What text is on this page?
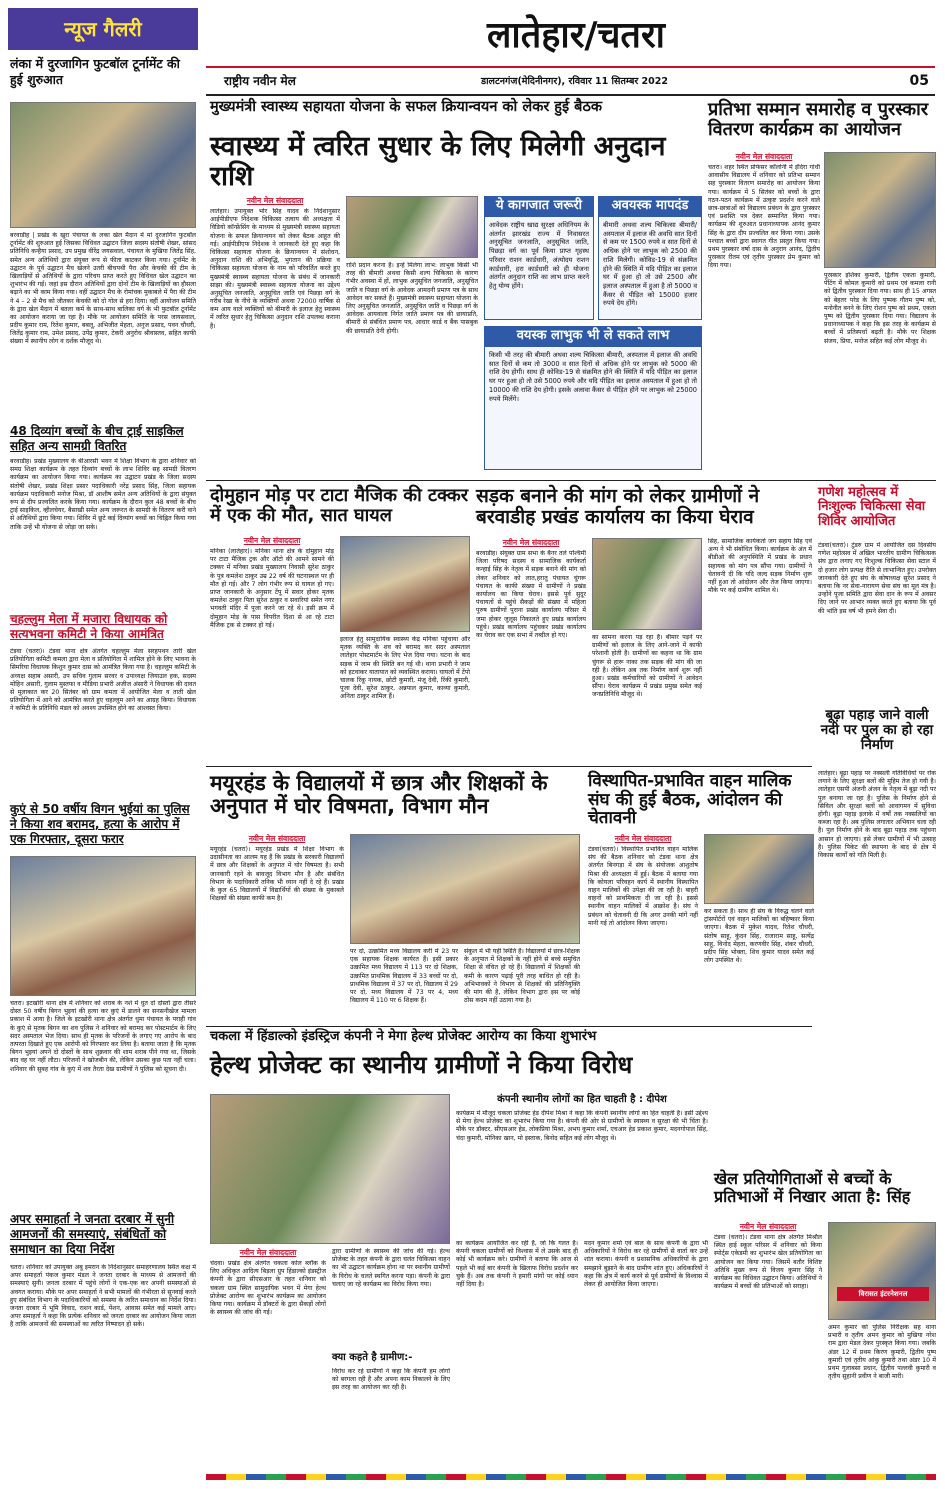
न्यूज गैलरी
लंका में दुरजागिन फुटबॉल टूर्नामेंट की हुई शुरुआत
बरवाडीह | प्रखंड के खुरा पंचायत के लका खेल मैदान में मां दुरजागिन फुटबॉल टूर्नामेंट की शुरुआत हुई जिसका विधिवत उद्घाटन जिला सदस्य संतोषी शेखर, सांसद प्रतिनिधि कन्हैया प्रसाद, उप प्रमुख वीरेंद्र जयसवाल, पंचायत के मुखिया जितेंद्र सिंह, समेत अन्य अतिथियों द्वारा संयुक्त रूप से फीता काटकर किया गया। टूर्नामेंट के उद्घाटन के पूर्व उद्घाटन मैच खेलने उतरी बीचपथी पैरा और केचकी की टीम के खिलाड़ियों से अतिथियों के द्वारा परिचय प्राप्त करते हुए विधिवत खेल उद्घाटन का शुभारंभ की गई। जहां इस दौरान अतिथियों द्वारा दोनों टीम के खिलाड़ियों का हौसला बढ़ाने का भी काम किया गया। वहीं उद्घाटन मैच के रोमांचक मुकाबले में पैरा की टीम ने 4 – 2 से मैच को जीतकर केचकी को दो गोल से हरा दिया। वहीं आयोजन समिति के द्वारा खेल मैदान में बतला कर्म के साथ-साथ बालिका वर्ग के भी फुटबॉल टूर्नामेंट का आयोजन कराया जा रहा है। मौके पर आयोजन समिति के परस जायसवाल, प्रदीप कुमार राम, रितेश कुमार, बबलू, अभिजीत मेहता, अनुज प्रसाद, पवन चौधरी, जितेंद्र कुमार राम, उमेश प्रसाद, उपेंद्र कुमार, टेकरी अनुरोध श्रीवास्तव, सहित काफी संख्या में स्थानीय लोग व दर्शक मौजूद थे।
48 दिव्यांग बच्चों के बीच ट्राई साइकिल सहित अन्य सामग्री वितरित
बरवाडीह। प्रखंड मुख्यालय के बीआरसी भवन में शिक्षा विभाग के द्वारा शनिवार को समग्र शिक्षा कार्यक्रम के तहत दिव्यांग बच्चों के लाभ शिविर सह सामग्री वितरण कार्यक्रम का आयोजन किया गया। कार्यक्रम का उद्घाटन प्रखंड के जिला सदस्य संतोषी शेखर, प्रखंड शिक्षा प्रसार पदाधिकारी नरेंद्र प्रसाद सिंह, जिला सहायक कार्यक्रम पदाधिकारी मनोज मिश्रा, डॉ आशीष समेत अन्य अतिथियों के द्वारा संयुक्त रूप से दीप प्रज्वलित करके किया गया। कार्यक्रम के दौरान कुल 48 बच्चों के बीच ट्राई साइकिल, व्हीलचेयर, बैसाखी समेत अन्य जरूरत के सामग्री के वितरण करी वाने से अतिथियों द्वारा किया गया। शिविर में छूटे कई दिव्यांग बच्चों का चिह्नित किया गया ताकि उन्हें भी योजना से जोड़ा जा सके।
चहल्लुम मेला में मजारा विधायक को सत्यभवना कमिटी ने किया आमंत्रित
टंडवा (चतरा)। टंडवा थाना क्षेत्र अंतर्गत चहल्लुम मेला सरहपथन तारी खेल प्रतियोगिता कमिटी कमला द्वारा मेला व प्रतियोगिता में शामिल होने के लिए भावना के सिमरिया विधायक किशुन कुमार दास को आमंत्रित किया गया है। चहल्लुम कमिटी के अध्यक्ष सहाब असारी, उप सचिव गुलाम सरवर व उपाध्यक्ष जियाउल हक, सदस्य मोहिन असारी, गुलाम मुस्तफा व मीडिया प्रभारी अजीज अंसारी ने विधायक की दावत से मुलाकात कर 20 सितंबर को ग्राम कमता में आयोजित मेला व ताती खेल प्रतियोगिता में आने को आमंत्रित करते हुए चहल्लुम आने का आग्रह किया। विधायक ने कमिटी के प्रतिनिधि मंडल को अवश्य उपस्थित होने का आश्वस्त किया।
कुएं से 50 वर्षीय विगन भुईयां का पुलिस ने किया शव बरामद, हत्या के आरोप में एक गिरफ्तार, दूसरा फरार
चतरा। इटखोरी थाना क्षेत्र में शनिवार को शराब के नशे में धुत दो दोस्तों द्वारा तीसरे दोस्त 50 वर्षीय बिगन भुइयां की हत्या कर कुएं में डालने का सनसनीखेज मामला प्रकाश में आया है। जिले के इटखोरी थाना क्षेत्र अंतर्गत धुमा पंचायत के पराही गांव के कुएं से मृतक बिगन का शव पुलिस ने शनिवार को बरामद कर पोस्टमार्टम के लिए सदर अस्पताल भेज दिया। साथ ही मृतक के परिजनों के लगाए गए आरोप के बाद तत्परता दिखाते हुए एक आरोपी को गिरफ्तार कर लिया है। बताया जाता है कि मृतक बिगन भुइयां अपने दो दोस्तों के साथ शुक्रवार की शाम शराब पीने गया था, जिसके बाद वह घर नहीं लौटा। परिजनों ने खोजबीन की, लेकिन उसका कुछ पता नहीं चला। शनिवार की सुबह गांव के कुएं में शव तैरता देख ग्रामीणों ने पुलिस को सूचना दी।
अपर समाहर्ता ने जनता दरबार में सुनी आमजनों की समस्याएं, संबंधितों को समाधान का दिया निर्देश
चतरा। शनिवार को उपायुक्त अबु इमरान के निर्देशानुसार समाहरणालय स्थित कक्ष में अपर समाहर्ता पंकज कुमार मंडल ने जनता दरबार के माध्यम से आमजनों की समस्याएं सुनी। जनता दरबार में पहुंचे लोगों ने एक-एक कर अपनी समस्याओं से अवगत कराया। मौके पर अपर समाहर्ता ने सभी मामलों की गंभीरता से सुनवाई करते हुए संबंधित विभाग के पदाधिकारियों को समस्या के त्वरित समाधान का निर्देश दिया। जनता दरबार में भूमि विवाद, राशन कार्ड, पेंशन, आवास समेत कई मामले आए। अपर समाहर्ता ने कहा कि प्रत्येक शनिवार को जनता दरबार का आयोजन किया जाता है ताकि आमजनों की समस्याओं का त्वरित निष्पादन हो सके।
लातेहार/चतरा
राष्ट्रीय नवीन मेल	डालटनगंज(मेदिनीनगर), रविवार 11 सितम्बर 2022	05
मुख्यमंत्री स्वास्थ्य सहायता योजना के सफल क्रियान्वयन को लेकर हुई बैठक
स्वास्थ्य में त्वरित सुधार के लिए मिलेगी अनुदान राशि
नवीन मेल संवाददाता
लातेहार। उपायुक्त भोर सिंह यादव के निर्देशानुसार आईपीडीएफ निदेशक चिकित्सा तत्वाय की अध्यक्षता में विडियो कॉन्फ्रेंसिंग के माध्यम से मुख्यमंत्री स्वास्थ्य सहायता योजना के सफल क्रियान्वयन को लेकर बैठक आहूत की गई। आईपीडीएफ निदेशक ने जानकारी देते हुए कहा कि चिकित्सा सहायता योजना के क्रियान्वयन में संशोधन, अनुदान राशि की अभिवृद्धि, भुगतान की प्रक्रिया व चिकित्सा सहायता योजना के नाम को परिवर्तित करते हुए मुख्यमंत्री स्वास्थ्य सहायता योजना के संबंध में जानकारी साझा की। मुख्यमंत्री स्वास्थ्य सहायता योजना का उद्देश्य अनुसूचित जनजाति, अनुसूचित जाति एवं पिछड़ा वर्ग के गरीब रेखा के नीचे के व्यक्तियों अथवा 72000 वार्षिक से कम आय वाले व्यक्तियों को बीमारी के इलाज हेतु स्वास्थ्य में त्वरित सुधार हेतु चिकित्सा अनुदान राशि उपलब्ध कराना है।
राशि प्रदान करना है। इन्हें मिलेगा लाभ: लाभुक किसी भी तरह की बीमारी अथवा किसी शल्य चिकित्सा के कारण गंभीर अवस्था में हों, लाभुक अनुसूचित जनजाति, अनुसूचित जाति व पिछड़ा वर्ग के आवेदक आमदनी प्रमाण पत्र के साथ आवेदन कर सकते हैं। मुख्यमंत्री स्वास्थ्य सहायता योजना के लिए अनुसूचित जनजाति, अनुसूचित जाति व पिछड़ा वर्ग के आवेदक आयवाला निर्गत जाति प्रमाण पत्र की छायाप्रति, बीमारी से संबंधित प्रमाण पत्र, आधार कार्ड व बैंक पासबुक की छायाप्रति देनी होगी।
ये कागजात जरूरी
आवेदक राष्ट्रीय खाद्य सुरक्षा अधिनियम के अंतर्गत झारखंड राज्य में निवासरत अनुसूचित जनजाति, अनुसूचित जाति, पिछड़ा वर्ग का पूर्व किया प्राप्त गृहस्थ परिवार राशन कार्डधारी, अंत्योदय राशन कार्डधारी, हरा कार्डधारी को ही योजना अंतर्गत अनुदान राशि का लाभ प्राप्त करने हेतु योग्य होंगे।
अवयस्क मापदंड
बीमारी अथवा शल्य चिकित्सा बीमारी/अस्पताल में इलाज की अवधि सात दिनों से कम पर 1500 रुपये व सात दिनों से अधिक होने पर लाभुक को 2500 की राशि मिलेगी। कोविड-19 से संक्रमित होने की स्थिति में यदि पीड़ित का इलाज घर में हुआ हो तो उसे 2500 और इलाज अस्पताल में हुआ है तो 5000 व कैंसर से पीड़ित को 15000 हजार रुपये देय होंगे।
वयस्क लाभुक भी ले सकते लाभ
किसी भी तरह की बीमारी अथवा शल्य चिकित्सा बीमारी, अस्पताल में इलाज की अवधि सात दिनों से कम तो 3000 व सात दिनों से अधिक होने पर लाभुक को 5000 की राशि देय होगी। साथ ही कोविड-19 से संक्रमित होने की स्थिति में यदि पीड़ित का इलाज घर पर हुआ हो तो उसे 5000 रुपये और यदि पीड़ित का इलाज अस्पताल में हुआ हो तो 10000 की राशि देय होगी। इसके अलावा कैंसर से पीड़ित होने पर लाभुक को 25000 रुपये मिलेंगे।
प्रतिभा सम्मान समारोह व पुरस्कार वितरण कार्यक्रम का आयोजन
नवीन मेल संवाददाता
चतरा। शहर स्थित प्रोफेसर कॉलोनी में इंदिरा गांधी आवासीय विद्यालय में शनिवार को प्रतिभा सम्मान सह पुरस्कार वितरण समारोह का आयोजन किया गया। कार्यक्रम में 5 सितंबर को बच्चों के द्वारा गठन-पठन कार्यक्रम में उत्कृष्ट प्रदर्शन करने वाले छात्र-छात्राओं को विद्यालय प्रबंधन के द्वारा पुरस्कार एवं प्रशस्ति पत्र देकर सम्मानित किया गया। कार्यक्रम की शुरुआत प्रधानाध्यापक आनंद कुमार सिंह के द्वारा दीप प्रज्वलित कर किया गया। उसके पश्चात बच्चों द्वारा स्वागत गीत प्रस्तुत किया गया। प्रथम पुरस्कार वर्षा दास के अनुराग आनंद, द्वितीय पुरस्कार रीतम एवं तृतीय पुरस्कार प्रेम कुमार को दिया गया।
पुरस्कार इशिका कुमारी, द्वितीय एकता कुमारी, पेंटिंग में कोमल कुमारी को प्रथम एवं कमला रानी को द्वितीय पुरस्कार दिया गया। साथ ही 15 अगस्त को बेहतर परेड के लिए पुष्पक गौतम पुष्प को, मनोनीत बनने के लिए रोशन पुष्प को प्रथम, एकता पुष्प को द्वितीय पुरस्कार दिया गया। विद्यालय के प्रधानाध्यापक ने कहा कि इस तरह के कार्यक्रम से बच्चों में प्रतिस्पर्धा बढ़ती है। मौके पर शिक्षक संजय, प्रिया, मनोज सहित कई लोग मौजूद थे।
दोमुहान मोड़ पर टाटा मैजिक की टक्कर में एक की मौत, सात घायल
नवीन मेल संवाददाता
मनिका (लातेहार)। मनिका थाना क्षेत्र के दोमुहान मोड़ पर टाटा मैजिक ट्रक और ऑटो की आमने सामने की टक्कर में मनिका प्रखंड मुख्यालय निवासी सुरेश ठाकुर के पुत्र कमलेश ठाकुर उम्र 22 वर्ष की घटनास्थल पर ही मौत हो गई। और 7 लोग गंभीर रूप से घायल हो गए। प्राप्त जानकारी के अनुसार टेंपू में सवार होकर मृतक कमलेश ठाकुर पिता सुरेश ठाकुर व सवारियां समेत नगर भगवती मंदिर में पूजा करने जा रहे थे। इसी क्रम में दोमुहान मोड़ के पास विपरीत दिशा से आ रहे टाटा मैजिक ट्रक से टक्कर हो गई।
इलाज हेतु सामुदायिक स्वास्थ्य केंद्र मनिका पहुंचाया और मृतक व्यक्ति के शव को बरामद कर सदर अस्पताल लातेहार पोस्टमार्टम के लिए भेज दिया गया। घटना के बाद सड़क में जाम की स्थिति बन गई थी। थाना प्रभारी ने जाम को हटवाकर यातायात को व्यवस्थित कराया। घायलों में टेंपो चालक रिंकू नायक, छोटी कुमारी, मंजू देवी, रिंकी कुमारी, पूजा देवी, सुरेश ठाकुर, अन्नपाल कुमार, काव्या कुमारी, अनिता ठाकुर शामिल हैं।
सड़क बनाने की मांग को लेकर ग्रामीणों ने बरवाडीह प्रखंड कार्यालय का किया घेराव
नवीन मेल संवाददाता
बरवाडीह। संयुक्त ग्राम सभा के बैनर तले पश्चिमी जिला परिषद सदस्य व सामाजिक कार्यकर्ता कन्हाई सिंह के नेतृत्व में सड़क बनाने की मांग को लेकर शनिवार को लात,हरातु पंचायत चुंगरू पंचायत के काफी संख्या में ग्रामीणों ने प्रखंड कार्यालय का किया घेराव। इससे पूर्व सुदूर पंचायतों से पहुंचे सैकड़ों की संख्या में महिला पुरुष ग्रामीणों पुराना प्रखंड कार्यालय परिसर में जमा होकर जुलूस निकालते हुए प्रखंड कार्यालय पहुंचे। प्रखंड कार्यालय पहुंचकर प्रखंड कार्यालय का घेराव कर एक सभा में तब्दील हो गए।	का सामना करना पड़ रहा है। बीमार पड़ने पर ग्रामीणों को इलाज के लिए आने-जाने में काफी परेशानी होती है। ग्रामीणों का कहना था कि ग्राम चुंगरू से हारू नाका तक सड़क की मांग की जा रही है। लेकिन अब तक निर्माण कार्य शुरू नहीं हुआ। प्रखंड कर्मचारियों को ग्रामीणों ने आवेदन सौंपा। घेराव कार्यक्रम में प्रखंड प्रमुख समेत कई जनप्रतिनिधि मौजूद थे।
सिंह, सामाजिक कार्यकर्ता जग सहाय सिंह एवं अन्य ने भी संबोधित किया। कार्यक्रम के अंत में बीडीओ की अनुपस्थिति में प्रखंड के प्रधान सहायक को मांग पत्र सौंपा गया। ग्रामीणों ने चेतावनी दी कि यदि जल्द सड़क निर्माण शुरू नहीं हुआ तो आंदोलन और तेज किया जाएगा। मौके पर कई ग्रामीण शामिल थे।
गणेश महोत्सव में निःशुल्क चिकित्सा सेवा शिविर आयोजित
टंडवा(चतरा)। टुंडरु ग्राम में आयोजित दस दिवसीय गणेश महोत्सव में अखिल भारतीय ग्रामीण चिकित्सक संघ द्वारा लगाए गए निःशुल्क चिकित्सा सेवा स्टाल में दो हजार लोग प्रत्यक्ष रीति से लाभान्वित हुए। उपरोक्त जानकारी देते हुए संघ के कोषाध्यक्ष सुरेश प्रसाद ने बताया कि नर सेवा-नारायण सेवा संघ का मूल मंत्र है। उन्होंने पूजा समिति द्वारा सेवा दान के रूप में अवसर दिए जाने पर आभार व्यक्त करते हुए बताया कि पूर्व की भांति इस वर्ष भी हमने सेवा दी।
बूढ़ा पहाड़ जाने वाली नदी पर पुल का हो रहा निर्माण
लातेहार। बूढ़ा पहाड़ पर नक्सली गतिविधियों पर रोक लगाने के लिए सुरक्षा बलों की मुहिम तेज हो गयी है। लातेहार एसपी अंजनी अंजन के नेतृत्व में बूढ़ा नदी पर पुल बनाया जा रहा है। पुलिस के निर्माण होने से सिविल और सुरक्षा बलों को आवागमन में सुविधा होगी। बूढ़ा पहाड़ इलाके में वर्षों तक नक्सलियों का कब्जा रहा है। अब पुलिस लगातार अभियान चला रही है। पुल निर्माण होने के बाद बूढ़ा पहाड़ तक पहुंचना आसान हो जाएगा। इसे लेकर ग्रामीणों में भी उत्साह है। पुलिस पिकेट की स्थापना के बाद से क्षेत्र में विकास कार्यों को गति मिली है।
मयूरहंड के विद्यालयों में छात्र और शिक्षकों के अनुपात में घोर विषमता, विभाग मौन
नवीन मेल संवाददाता
मयूरहंड (चतरा)। मयूरहंड प्रखंड में शिक्षा विभाग के उदासीनता का आलम यह है कि प्रखंड के सरकारी विद्यालयों में छात्र और शिक्षकों के अनुपात में घोर विषमता है। सभी जानकारी रहने के बावजूद विभाग मौन है और संबंधित विभाग के पदाधिकारी तनिक भी ध्यान नहीं दे रहे हैं। प्रखंड के कुल 65 विद्यालयों में विद्यार्थियों की संख्या के मुकाबले शिक्षकों की संख्या काफी कम है।
पर दो, उत्क्रमित मध्य विद्यालय करी में 23 पर एक सहायक शिक्षक कार्यरत हैं। इसी प्रकार उत्क्रमित मध्य विद्यालय में 113 पर दो शिक्षक, उत्क्रमित प्राथमिक विद्यालय में 33 बच्चों पर दो, प्राथमिक विद्यालय में 37 पर दो, विद्यालय में 29 पर दो, मध्य विद्यालय में 73 पर 4, मध्य विद्यालय में 110 पर 6 शिक्षक हैं।
संकुल में भी यही स्थिति है। विद्यालयों में छात्र-शिक्षक के अनुपात में शिक्षकों के नहीं होने से बच्चे समुचित शिक्षा से वंचित हो रहे हैं। विद्यालयों में शिक्षकों की कमी के कारण पढ़ाई पूरी तरह बाधित हो रही है। अभिभावकों ने विभाग से शिक्षकों की प्रतिनियुक्ति की मांग की है, लेकिन विभाग द्वारा इस पर कोई ठोस कदम नहीं उठाया गया है।
विस्थापित-प्रभावित वाहन मालिक संघ की हुई बैठक, आंदोलन की चेतावनी
नवीन मेल संवाददाता
टंडवा(चतरा)। विस्थापित प्रभावित वाहन मालिक संघ की बैठक शनिवार को टंडवा थाना क्षेत्र अंतर्गत बिनगड़ा में संघ के संयोजक आशुतोष मिश्रा की अध्यक्षता में हुई। बैठक में बताया गया कि कोयला परिवहन कार्य में स्थानीय विस्थापित वाहन मालिकों की उपेक्षा की जा रही है। बाहरी वाहनों को प्राथमिकता दी जा रही है। इससे स्थानीय वाहन मालिकों में आक्रोश है। संघ ने प्रबंधन को चेतावनी दी कि अगर उनकी मांगें नहीं मानी गई तो आंदोलन किया जाएगा।
कर सकता है। साथ ही संघ के विरुद्ध चलने वाले ट्रांसपोर्टरों एवं वाहन मालिकों का बहिष्कार किया जाएगा। बैठक में मुकेश यादव, रितेश चौधरी, संतोष साहू, कुंदन सिंह, राजाराम साहू, सत्येंद्र साहू, विनोद मेहता, करणवीर सिंह, शंकर चौधरी, प्रदीप सिंह भोक्ता, शिव कुमार यादव समेत कई लोग उपस्थित थे।
चकला में हिंडाल्को इंडस्ट्रिज कंपनी ने मेगा हेल्थ प्रोजेक्ट आरोग्य का किया शुभारंभ
हेल्थ प्रोजेक्ट का स्थानीय ग्रामीणों ने किया विरोध
नवीन मेल संवाददाता
चंदवा। प्रखंड क्षेत्र अंतर्गत चकला कोल ब्लॉक के लिए अधिकृत आदित्य बिड़ला ग्रुप हिंडाल्को इंडस्ट्रीज कंपनी के द्वारा सीएसआर के तहत शनिवार को चकला ग्राम स्थित सामुदायिक भवन में मेगा हेल्थ प्रोजेक्ट आरोग्य का शुभारंभ कार्यक्रम का आयोजन किया गया। कार्यक्रम में डॉक्टरों के द्वारा सैकड़ों लोगों के स्वास्थ्य की जांच की गई।
द्वारा ग्रामीणों के स्वास्थ्य की जांच की गई। हेल्थ प्रोजेक्ट के तहत कंपनी के द्वारा चलंत चिकित्सा वाहन का भी उद्घाटन कार्यक्रम होना था पर स्थानीय ग्रामीणों के विरोध के चलते स्थगित करना पड़ा। कंपनी के द्वारा चलाए जा रहे कार्यक्रम का विरोध किया गया।
क्या कहते है ग्रामीण:-
विरोध कर रहे ग्रामीणों ने कहा कि कंपनी हम लोगों को बरगला रही है और अपना काम निकालने के लिए इस तरह का आयोजन कर रही है।
कंपनी स्थानीय लोगों का हित चाहती है : दीपेश
कार्यक्रम में मौजूद चकला प्रोजेक्ट हेड दीपेश मिश्रा ने कहा कि कंपनी स्थानीय लोगों का हित चाहती है। इसी उद्देश्य से मेगा हेल्थ प्रोजेक्ट का शुभारंभ किया गया है। कंपनी की ओर से ग्रामीणों के स्वास्थ्य व सुरक्षा की भी चिंता है। मौके पर डॉक्टर, सीएसआर हेड, लोकप्रिया मिश्रा, अभय कुमार शर्मा, एचआर हेड प्रकाश कुमार, मदनगोपाल सिंह, चंदा कुमारी, मोनिका खान, मो इस्ताक, बिनोद सहित कई लोग मौजूद थे।
का कार्यक्रम आयोजित कर रही है, जो कि गलत है। कंपनी चकला ग्रामीणों को विश्वास में ले उसके बाद ही कोई भी कार्यक्रम करे। ग्रामीणों ने बताया कि आज से पहले भी कई बार कंपनी के खिलाफ विरोध प्रदर्शन कर चुके हैं। अब तक कंपनी ने हमारी मांगों पर कोई ध्यान नहीं दिया है।
मदन कुमार शर्मा एवं बाल के साथ कंपनी के द्वारा भी अधिकारियों ने विरोध कर रहे ग्रामीणों से वार्ता कर उन्हें शांत कराया। कंपनी व प्रशासनिक अधिकारियों के द्वारा समझाने बुझाने के बाद ग्रामीण शांत हुए। अधिकारियों ने कहा कि क्षेत्र में कार्य करने से पूर्व ग्रामीणों के विश्वास में लेकर ही आयोजित किया जाएगा।
खेल प्रतियोगिताओं से बच्चों के प्रतिभाओं में निखार आता है: सिंह
नवीन मेल संवाददाता
टंडवा (चतरा)। टंडवा थाना क्षेत्र अंतर्गत मिश्रौल स्थित हाई स्कूल परिसर में शनिवार को किया स्पोर्ट्स एकेडमी का शुभारंभ खेल प्रतियोगिता का आयोजन कर किया गया। जिसमें बतौर विशिष्ट अतिथि मुख्य रूप से विजय कुमार सिंह ने कार्यक्रम का विधिवत उद्घाटन किया। अतिथियों ने कार्यक्रम में बच्चों की प्रतिभाओं को सराहा।
विरासत इंटरनेशनल
अमन कुमार को पुलिस निरीक्षक सह थाना प्रभारी व तृतीय अमन कुमार को मुखिया नरेश राम द्वारा मेडल देकर पुरस्कृत किया गया। जबकि अंडर 12 में प्रथम किरण कुमारी, द्वितीय पुष्प कुमारी एवं तृतीय आंकु कुमारी तथा अंडर 10 में प्रथम गुलाबसा प्रधान, द्वितीय पल्लवी कुमारी व तृतीय सुहानी प्रवीण ने बाजी मारी।
